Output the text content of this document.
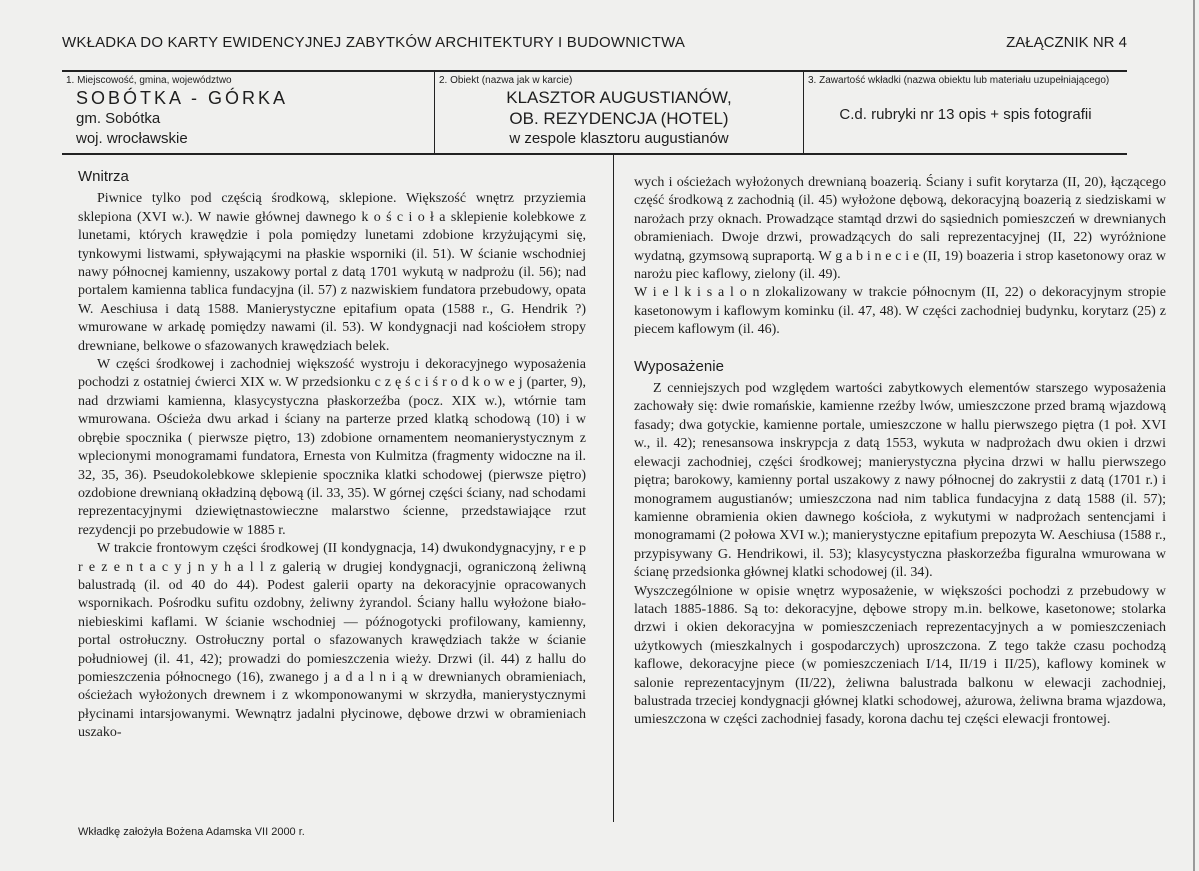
WKŁADKA DO KARTY EWIDENCYJNEJ ZABYTKÓW ARCHITEKTURY I BUDOWNICTWA	ZAŁĄCZNIK NR 4
1. Miejscowość, gmina, województwo
SOBÓTKA - GÓRKA
gm. Sobótka
woj. wrocławskie
2. Obiekt (nazwa jak w karcie)
KLASZTOR AUGUSTIANÓW,
OB. REZYDENCJA (HOTEL)
w zespole klasztoru augustianów
3. Zawartość wkładki (nazwa obiektu lub materiału uzupełniającego)
C.d. rubryki nr 13 opis + spis fotografii
Wnitrza

Piwnice tylko pod częścią środkową, sklepione. Większość wnętrz przyziemia sklepiona (XVI w.). W nawie głównej dawnego k o ś c i o ł a sklepienie kolebkowe z lunetami, których krawędzie i pola pomiędzy lunetami zdobione krzyżującymi się, tynkowymi listwami, spływającymi na płaskie wsporniki (il. 51). W ścianie wschodniej nawy północnej kamienny, uszakowy portal z datą 1701 wykutą w nadprożu (il. 56); nad portalem kamienna tablica fundacyjna (il. 57) z nazwiskiem fundatora przebudowy, opata W. Aeschiusa i datą 1588. Manierystyczne epitafium opata (1588 r., G. Hendrik ?) wmurowane w arkadę pomiędzy nawami (il. 53). W kondygnacji nad kościołem stropy drewniane, belkowe o sfazowanych krawędziach belek.

W części środkowej i zachodniej większość wystroju i dekoracyjnego wyposażenia pochodzi z ostatniej ćwierci XIX w. W przedsionku c z ę ś c i ś r o d k o w e j (parter, 9), nad drzwiami kamienna, klasycystyczna płaskorzeźba (pocz. XIX w.), wtórnie tam wmurowana. Ościeża dwu arkad i ściany na parterze przed klatką schodową (10) i w obrębie spocznika ( pierwsze piętro, 13) zdobione ornamentem neomanierystycznym z wplecionymi monogramami fundatora, Ernesta von Kulmitza (fragmenty widoczne na il. 32, 35, 36). Pseudokolebkowe sklepienie spocznika klatki schodowej (pierwsze piętro) ozdobione drewnianą okładziną dębową (il. 33, 35). W górnej części ściany, nad schodami reprezentacyjnymi dziewiętnastowieczne malarstwo ścienne, przedstawiające rzut rezydencji po przebudowie w 1885 r.

W trakcie frontowym części środkowej (II kondygnacja, 14) dwukondygnacyjny, r e p r e z e n t a c y j n y h a l l z galerią w drugiej kondygnacji, ograniczoną żeliwną balustradą (il. od 40 do 44). Podest galerii oparty na dekoracyjnie opracowanych wspornikach. Pośrodku sufitu ozdobny, żeliwny żyrandol. Ściany hallu wyłożone biało-niebieskimi kaflami. W ścianie wschodniej — późnogotycki profilowany, kamienny, portal ostrołuczny. Ostrołuczny portal o sfazowanych krawędziach także w ścianie południowej (il. 41, 42); prowadzi do pomieszczenia wieży. Drzwi (il. 44) z hallu do pomieszczenia północnego (16), zwanego j a d a l n i ą w drewnianych obramieniach, ościeżach wyłożonych drewnem i z wkomponowanymi w skrzydła, manierystycznymi płycinami intarsjowanymi. Wewnątrz jadalni płycinowe, dębowe drzwi w obramieniach uszako-

wych i ościeżach wyłożonych drewnianą boazerią. Ściany i sufit korytarza (II, 20), łączącego część środkową z zachodnią (il. 45) wyłożone dębową, dekoracyjną boazerią z siedziskami w narożach przy oknach. Prowadzące stamtąd drzwi do sąsiednich pomieszczeń w drewnianych obramieniach. Dwoje drzwi, prowadzących do sali reprezentacyjnej (II, 22) wyróżnione wydatną, gzymsową supraportą. W g a b i n e c i e (II, 19) boazeria i strop kasetonowy oraz w narożu piec kaflowy, zielony (il. 49).

W i e l k i s a l o n zlokalizowany w trakcie północnym (II, 22) o dekoracyjnym stropie kasetonowym i kaflowym kominku (il. 47, 48). W części zachodniej budynku, korytarz (25) z piecem kaflowym (il. 46).

Wyposażenie

Z cenniejszych pod względem wartości zabytkowych elementów starszego wyposażenia zachowały się: dwie romańskie, kamienne rzeźby lwów, umieszczone przed bramą wjazdową fasady; dwa gotyckie, kamienne portale, umieszczone w hallu pierwszego piętra (1 poł. XVI w., il. 42); renesansowa inskrypcja z datą 1553, wykuta w nadprożach dwu okien i drzwi elewacji zachodniej, części środkowej; manierystyczna płycina drzwi w hallu pierwszego piętra; barokowy, kamienny portal uszakowy z nawy północnej do zakrystii z datą (1701 r.) i monogramem augustianów; umieszczona nad nim tablica fundacyjna z datą 1588 (il. 57); kamienne obramienia okien dawnego kościoła, z wykutymi w nadprożach sentencjami i monogramami (2 połowa XVI w.); manierystyczne epitafium prepozyta W. Aeschiusa (1588 r., przypisywany G. Hendrikowi, il. 53); klasycystyczna płaskorzeźba figuralna wmurowana w ścianę przedsionka głównej klatki schodowej (il. 34).

Wyszczególnione w opisie wnętrz wyposażenie, w większości pochodzi z przebudowy w latach 1885-1886. Są to: dekoracyjne, dębowe stropy m.in. belkowe, kasetonowe; stolarka drzwi i okien dekoracyjna w pomieszczeniach reprezentacyjnych a w pomieszczeniach użytkowych (mieszkalnych i gospodarczych) uproszczona. Z tego także czasu pochodzą kaflowe, dekoracyjne piece (w pomieszczeniach I/14, II/19 i II/25), kaflowy kominek w salonie reprezentacyjnym (II/22), żeliwna balustrada balkonu w elewacji zachodniej, balustrada trzeciej kondygnacji głównej klatki schodowej, ażurowa, żeliwna brama wjazdowa, umieszczona w części zachodniej fasady, korona dachu tej części elewacji frontowej.

Wkładkę założyła Bożena Adamska VII 2000 r.
